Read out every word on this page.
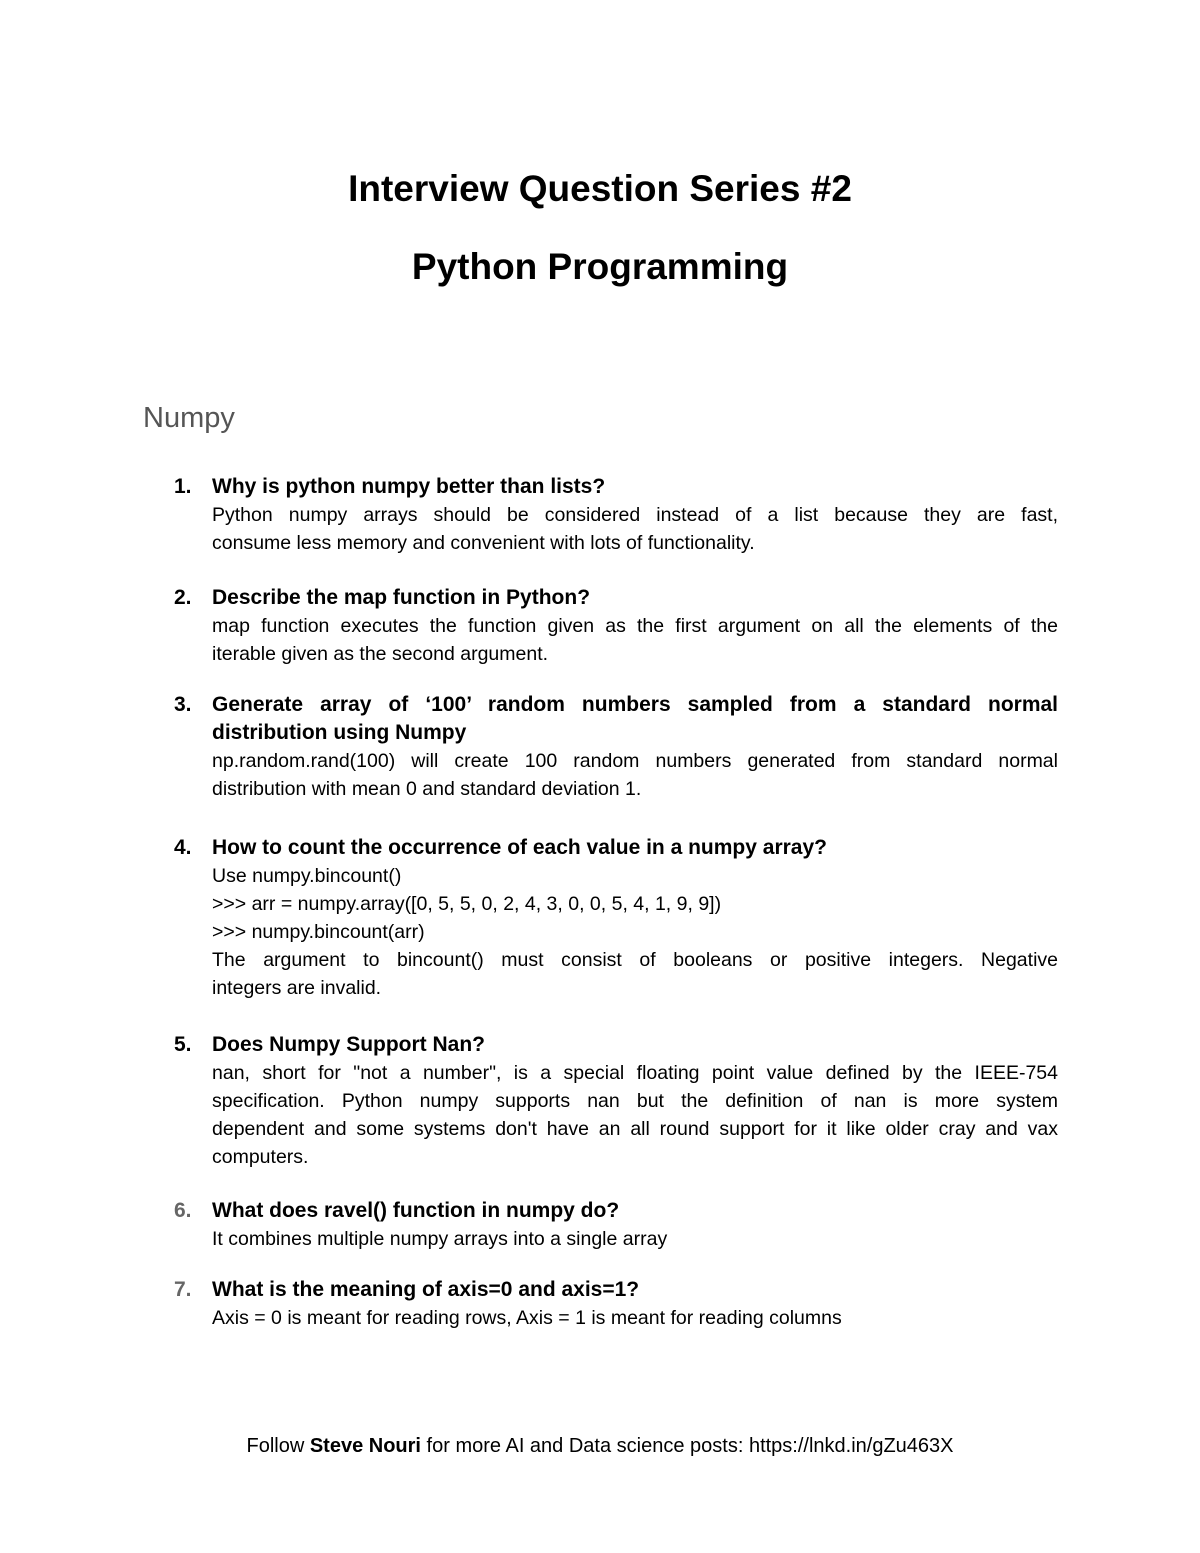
Interview Question Series #2
Python Programming
Numpy
1. Why is python numpy better than lists?

Python numpy arrays should be considered instead of a list because they are fast,

consume less memory and convenient with lots of functionality.

2. Describe the map function in Python?

map function executes the function given as the first argument on all the elements of the

iterable given as the second argument.

3. Generate array of ‘100’ random numbers sampled from a standard normal distribution using Numpy

np.random.rand(100) will create 100 random numbers generated from standard normal

distribution with mean 0 and standard deviation 1.

4. How to count the occurrence of each value in a numpy array?

Use numpy.bincount()

>>> arr = numpy.array([0, 5, 5, 0, 2, 4, 3, 0, 0, 5, 4, 1, 9, 9])

>>> numpy.bincount(arr)

The argument to bincount() must consist of booleans or positive integers. Negative

integers are invalid.

5. Does Numpy Support Nan?

nan, short for "not a number", is a special floating point value defined by the IEEE-754

specification. Python numpy supports nan but the definition of nan is more system

dependent and some systems don't have an all round support for it like older cray and vax

computers.

6. What does ravel() function in numpy do?

It combines multiple numpy arrays into a single array

7. What is the meaning of axis=0 and axis=1?

Axis = 0 is meant for reading rows, Axis = 1 is meant for reading columns

Follow Steve Nouri for more AI and Data science posts: https://lnkd.in/gZu463X
